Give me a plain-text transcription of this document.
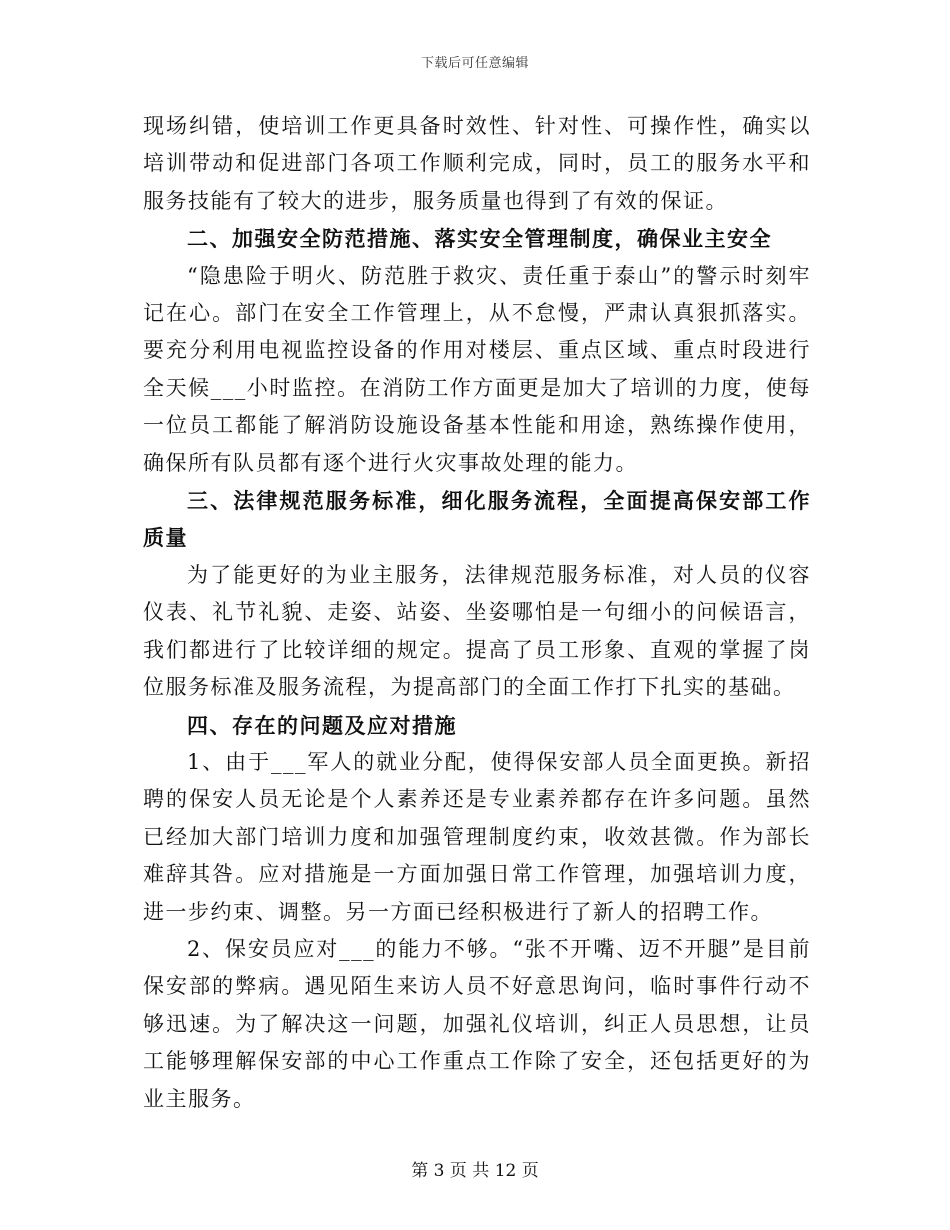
下载后可任意编辑

现场纠错，使培训工作更具备时效性、针对性、可操作性，确实以培训带动和促进部门各项工作顺利完成，同时，员工的服务水平和服务技能有了较大的进步，服务质量也得到了有效的保证。

二、加强安全防范措施、落实安全管理制度，确保业主安全

“隐患险于明火、防范胜于救灾、责任重于泰山”的警示时刻牢记在心。部门在安全工作管理上，从不怠慢，严肃认真狠抓落实。要充分利用电视监控设备的作用对楼层、重点区域、重点时段进行全天候___小时监控。在消防工作方面更是加大了培训的力度，使每一位员工都能了解消防设施设备基本性能和用途，熟练操作使用，确保所有队员都有逐个进行火灾事故处理的能力。

三、法律规范服务标准，细化服务流程，全面提高保安部工作质量

为了能更好的为业主服务，法律规范服务标准，对人员的仪容仪表、礼节礼貌、走姿、站姿、坐姿哪怕是一句细小的问候语言，我们都进行了比较详细的规定。提高了员工形象、直观的掌握了岗位服务标准及服务流程，为提高部门的全面工作打下扎实的基础。

四、存在的问题及应对措施

1、由于___军人的就业分配，使得保安部人员全面更换。新招聘的保安人员无论是个人素养还是专业素养都存在许多问题。虽然已经加大部门培训力度和加强管理制度约束，收效甚微。作为部长难辞其咎。应对措施是一方面加强日常工作管理，加强培训力度，进一步约束、调整。另一方面已经积极进行了新人的招聘工作。

2、保安员应对___的能力不够。“张不开嘴、迈不开腿”是目前保安部的弊病。遇见陌生来访人员不好意思询问，临时事件行动不够迅速。为了解决这一问题，加强礼仪培训，纠正人员思想，让员工能够理解保安部的中心工作重点工作除了安全，还包括更好的为业主服务。

第 3 页 共 12 页
